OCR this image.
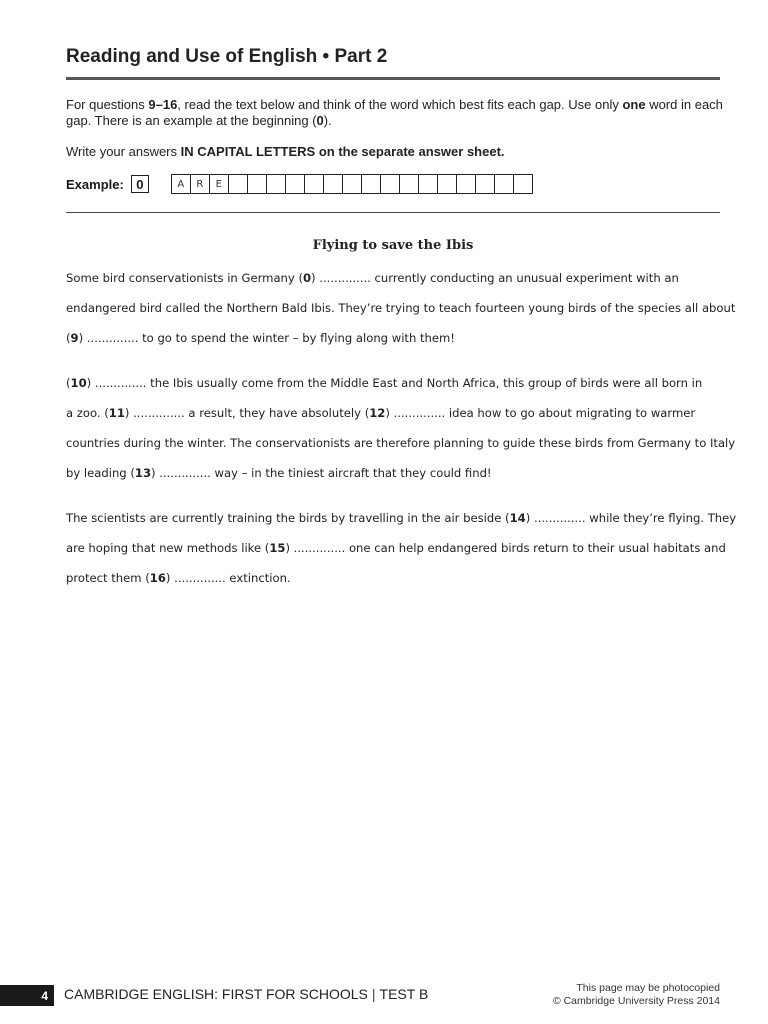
Reading and Use of English • Part 2

For questions 9–16, read the text below and think of the word which best fits each gap. Use only one word in each gap. There is an example at the beginning (0).

Write your answers IN CAPITAL LETTERS on the separate answer sheet.

Example: 0	A	R	E
Flying to save the Ibis
Some bird conservationists in Germany (0) .............. currently conducting an unusual experiment with an
endangered bird called the Northern Bald Ibis. They’re trying to teach fourteen young birds of the species all about
(9) .............. to go to spend the winter – by flying along with them!
(10) .............. the Ibis usually come from the Middle East and North Africa, this group of birds were all born in
a zoo. (11) .............. a result, they have absolutely (12) .............. idea how to go about migrating to warmer
countries during the winter. The conservationists are therefore planning to guide these birds from Germany to Italy
by leading (13) .............. way – in the tiniest aircraft that they could find!
The scientists are currently training the birds by travelling in the air beside (14) .............. while they’re flying. They
are hoping that new methods like (15) .............. one can help endangered birds return to their usual habitats and
protect them (16) .............. extinction.
4	CAMBRIDGE ENGLISH: FIRST FOR SCHOOLS | TEST B	This page may be photocopied
© Cambridge University Press 2014
